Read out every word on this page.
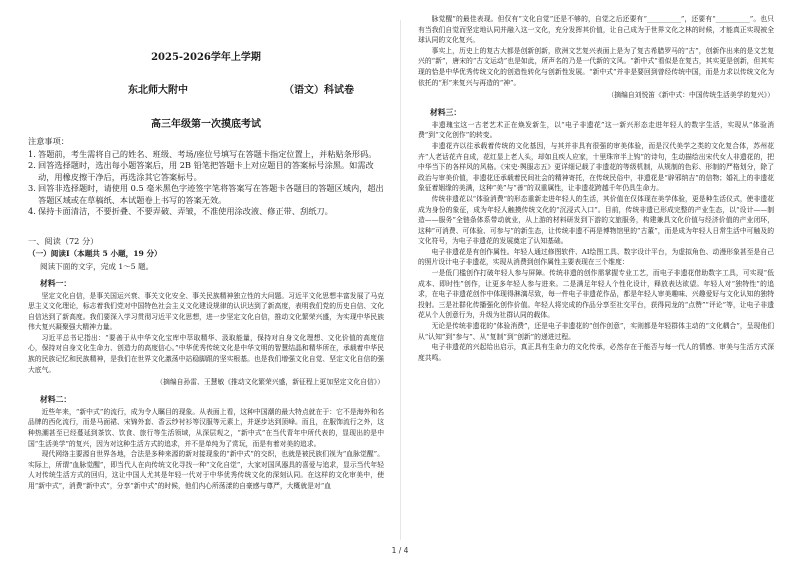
2025-2026学年上学期
东北师大附中	（语文）科试卷
高三年级第一次摸底考试
注意事项：
1. 答题前，考生需将自己的姓名、班级、考场/座位号填写在答题卡指定位置上，并粘贴条形码。
2. 回答选择题时，选出每小题答案后，用 2B 铅笔把答题卡上对应题目的答案标号涂黑。如需改动，用橡皮擦干净后，再选涂其它答案标号。
3. 回答非选择题时，请使用 0.5 毫米黑色字迹签字笔将答案写在答题卡各题目的答题区域内，超出答题区域或在草稿纸、本试题卷上书写的答案无效。
4. 保持卡面清洁，不要折叠、不要弄破、弄皱，不准使用涂改液、修正带、刮纸刀。
一、阅读（72 分）
（一）阅读Ⅰ（本题共 5 小题，19 分）
阅读下面的文字，完成 1～5 题。
材料一：

坚定文化自信，是事关国运兴衰、事关文化安全、事关民族精神独立性的大问题。习近平文化思想丰富发展了马克思主义文化理论，标志着我们党对中国特色社会主义文化建设规律的认识达到了新高度，表明我们党的历史自信、文化自信达到了新高度。我们要深入学习贯彻习近平文化思想，进一步坚定文化自信，推动文化繁荣兴盛，为实现中华民族伟大复兴凝聚强大精神力量。

习近平总书记指出：“要善于从中华文化宝库中萃取精华、汲取能量，保持对自身文化理想、文化价值的高度信心，保持对自身文化生命力、创造力的高度信心。”中华优秀传统文化是中华文明的智慧结晶和精华所在，承载着中华民族的民族记忆和民族精神，是我们在世界文化激荡中站稳脚跟的坚实根基。也是我们增强文化自觉、坚定文化自信的强大底气。

（摘编自孙雷、王慧敏《推动文化繁荣兴盛，新征程上更加坚定文化自信》）
材料二：

近些年来，“新中式”的流行，成为令人瞩目的现象。从表面上看，这种中国潮的最大特点就在于：它不是海外和名品牌的西化流行，而是马面裙、宋锦外套、香云纱衬衫等汉服等元素上，并逐步达到顶峰。而且，在服饰流行之外，这种热潮甚至已经蔓延到茶饮、饮食、旅行等生活领域，从深层观之，“新中式”在当代青年中所代表的，显现出的是中国“生活美学”的复兴，因为对这种生活方式的追求，并不是单纯为了赏玩，而是有着对美的追求。

现代网络主要源自世界各地，合法是多种来源的新对接现象的“新中式”的交织，也就是被民族们视为“血脉觉醒”。实际上，所谓“血脉觉醒”，即当代人在向传统文化寻找一种“文化自觉”，大家对国风器具的喜爱与追求，显示当代年轻人对传统生活方式的回归，这让中国人尤其是年轻一代对于中华优秀传统文化的深刻认同。在这样的文化审美中，使用“新中式”，消费“新中式”，分享“新中式”的时候，他们内心所荡漾的自豪感与尊严，大概就是对“血

脉觉醒”的最佳表现。但仅有“文化自觉”还是不够的，自觉之后还要有“__________”，还要有“__________”。也只有当我们自觉而坚定地认同并融入这一文化，充分发挥其价值，让自己成为于世界文化之林的时候，才能真正实现被全球认同的文化复兴。

事实上，历史上的复古大都是创新创新，欧洲文艺复兴表面上是为了复古希腊罗马的“古”，创新作出来的是文艺复兴的“新”，唐宋的“古文运动”也是如此，所声名的乃是一代新的文风。“新中式”看似是在复古，其实更是创新，但其实现的恰是中华优秀传统文化的创造性转化与创新性发展。“新中式”并非是要回到曾经传统中国，而是力求以传统文化为依托的“形”来复兴与再造的“神”。

（摘编自刘悦笛《新中式：中国传统生活美学的复兴》）
材料三：

非遗瑰宝这一古老艺术正在焕发新生，以“电子非遗花”这一新兴形态走进年轻人的数字生活，实现从“体验消费”到“文化创作”的转变。

非遗花卉以往承载着传统的文化基因，与其并非具有很强的审美体验，而是汉代美学之类的文化复合体，苏州花卉“人老话花卉自成，花红显上老人头，却如且疾人应家，十里珠帘半上钩”的诗句，生动描绘出宋代女人非遗花的，把中华当下的各样风的风格。《宋史·舆服志五》更详细记载了非遗花的等级机制，从规制的色彩、形制的严格划分，除了政治与审美价值，非遗花还承载着民间社会的精神寄托，在传统民俗中，非遗花是“辟邪纳吉”的信物；婚礼上的非遗花象征着姻缘的美满，这种“美”与“善”的双重属性，让非遗花跨越千年仍具生命力。

传统非遗花以“体验消费”的形态重新走进年轻人的生活，其价值在仅体现在美学体验，更是种生活仪式，使非遗花成为身份的象征，成为年轻人触摸传统文化的“沉浸式入口”。目前，传统非遗已形成完整的产业生态，以“设计——制造——服务”全链条体系带动就业，从上游的材料研发到下游的文旅服务，构建兼具文化价值与经济价值的产业闭环，这种“可消费、可体验、可参与”的新生态，让传统非遗不再是博物馆里的“古董”，而是成为年轻人日常生活中可触及的文化符号，为电子非遗花的发展奠定了认知基础。

电子非遗花是有创作属性。年轻人通过修图软件、AI绘图工具、数字设计平台，为虚拟角色、动漫形象甚至是自己的照片设计电子非遗花，实现从消费到创作属性主要表现在三个维度：

一是低门槛创作打破年轻人参与屏障。传统非遗的创作需掌握专业工艺，而电子非遗花借助数字工具，可实现“低成本、即时性”创作，让更多年轻人参与进来。二是满足年轻人个性化设计，释放表达欲望。年轻人对“独特性”的追求，在电子非遗花创作中体现得淋漓尽致，每一件电子非遗花作品，都是年轻人审美趣味、兴趣爱好与文化认知的独特投射。三是社群化传播强化创作价值。年轻人将完成的作品分享至社交平台，获得同龙的“点赞”“评论”等，让电子非遗花从个人创意行为，升级为社群认同的载体。

无论是传统非遗花的“体验消费”，还是电子非遗花的“创作创意”，实则都是年轻群体主动的“文化耦合”，呈现他们从“认知”到“参与”、从“复制”到“创新”的递进过程。

电子非遗花的兴起给出启示，真正具有生命力的文化传承，必然存在于能否与每一代人的情感、审美与生活方式深度共鸣。

1 / 4
